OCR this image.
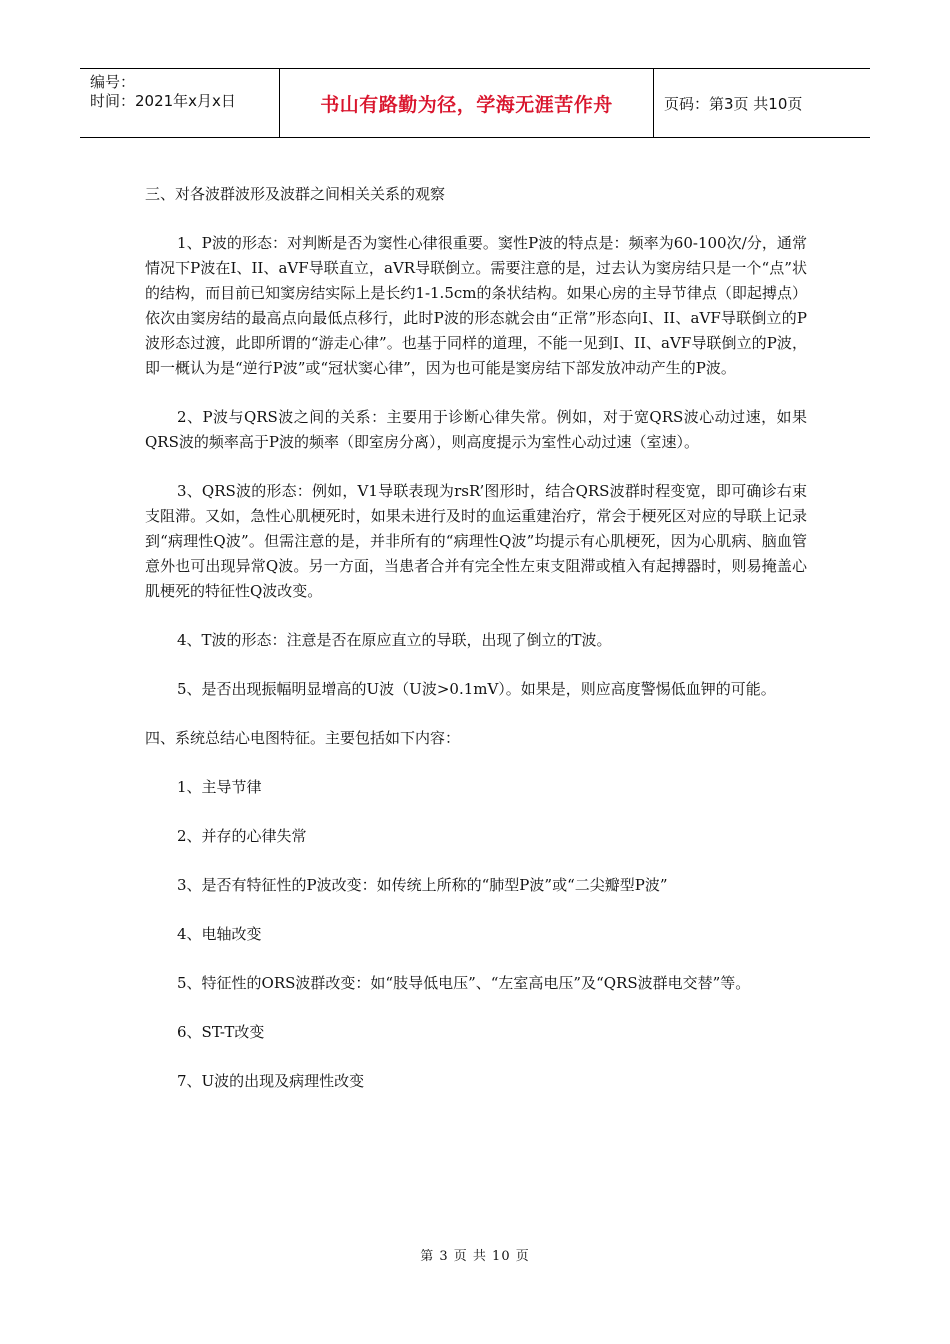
编号：
时间：2021年x月x日	书山有路勤为径，学海无涯苦作舟	页码：第3页 共10页

三、对各波群波形及波群之间相关关系的观察

1、P波的形态：对判断是否为窦性心律很重要。窦性P波的特点是：频率为60-100次/分，通常情况下P波在I、II、aVF导联直立，aVR导联倒立。需要注意的是，过去认为窦房结只是一个“点”状的结构，而目前已知窦房结实际上是长约1-1.5cm的条状结构。如果心房的主导节律点（即起搏点）依次由窦房结的最高点向最低点移行，此时P波的形态就会由“正常”形态向I、II、aVF导联倒立的P波形态过渡，此即所谓的“游走心律”。也基于同样的道理，不能一见到I、II、aVF导联倒立的P波，即一概认为是“逆行P波”或“冠状窦心律”，因为也可能是窦房结下部发放冲动产生的P波。

2、P波与QRS波之间的关系：主要用于诊断心律失常。例如，对于宽QRS波心动过速，如果QRS波的频率高于P波的频率（即室房分离），则高度提示为室性心动过速（室速）。

3、QRS波的形态：例如，V1导联表现为rsR’图形时，结合QRS波群时程变宽，即可确诊右束支阻滞。又如，急性心肌梗死时，如果未进行及时的血运重建治疗，常会于梗死区对应的导联上记录到“病理性Q波”。但需注意的是，并非所有的“病理性Q波”均提示有心肌梗死，因为心肌病、脑血管意外也可出现异常Q波。另一方面，当患者合并有完全性左束支阻滞或植入有起搏器时，则易掩盖心肌梗死的特征性Q波改变。

4、T波的形态：注意是否在原应直立的导联，出现了倒立的T波。

5、是否出现振幅明显增高的U波（U波>0.1mV）。如果是，则应高度警惕低血钾的可能。

四、系统总结心电图特征。主要包括如下内容：

1、主导节律

2、并存的心律失常

3、是否有特征性的P波改变：如传统上所称的“肺型P波”或“二尖瓣型P波”

4、电轴改变

5、特征性的ORS波群改变：如“肢导低电压”、“左室高电压”及“QRS波群电交替”等。

6、ST-T改变

7、U波的出现及病理性改变

第 3 页 共 10 页
